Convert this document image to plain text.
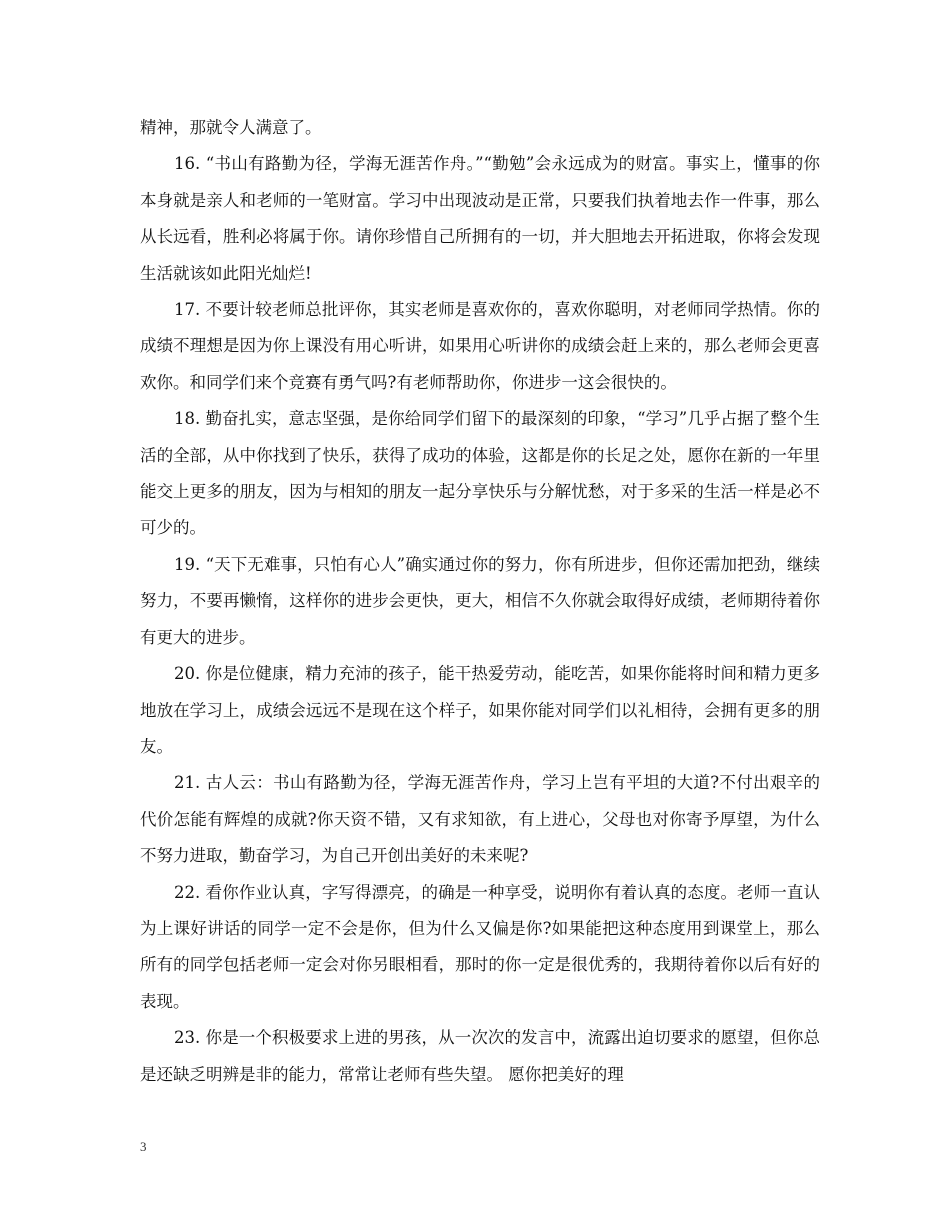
精神，那就令人满意了。

16. “书山有路勤为径，学海无涯苦作舟。”“勤勉”会永远成为的财富。事实上，懂事的你本身就是亲人和老师的一笔财富。学习中出现波动是正常，只要我们执着地去作一件事，那么从长远看，胜利必将属于你。请你珍惜自己所拥有的一切，并大胆地去开拓进取，你将会发现生活就该如此阳光灿烂!

17. 不要计较老师总批评你，其实老师是喜欢你的，喜欢你聪明，对老师同学热情。你的成绩不理想是因为你上课没有用心听讲，如果用心听讲你的成绩会赶上来的，那么老师会更喜欢你。和同学们来个竞赛有勇气吗?有老师帮助你，你进步一这会很快的。

18. 勤奋扎实，意志坚强，是你给同学们留下的最深刻的印象，“学习”几乎占据了整个生活的全部，从中你找到了快乐，获得了成功的体验，这都是你的长足之处，愿你在新的一年里能交上更多的朋友，因为与相知的朋友一起分享快乐与分解忧愁，对于多采的生活一样是必不可少的。

19. “天下无难事，只怕有心人”确实通过你的努力，你有所进步，但你还需加把劲，继续努力，不要再懒惰，这样你的进步会更快，更大，相信不久你就会取得好成绩，老师期待着你有更大的进步。

20. 你是位健康，精力充沛的孩子，能干热爱劳动，能吃苦，如果你能将时间和精力更多地放在学习上，成绩会远远不是现在这个样子，如果你能对同学们以礼相待，会拥有更多的朋友。

21. 古人云：书山有路勤为径，学海无涯苦作舟，学习上岂有平坦的大道?不付出艰辛的代价怎能有辉煌的成就?你天资不错，又有求知欲，有上进心，父母也对你寄予厚望，为什么不努力进取，勤奋学习，为自己开创出美好的未来呢?

22. 看你作业认真，字写得漂亮，的确是一种享受，说明你有着认真的态度。老师一直认为上课好讲话的同学一定不会是你，但为什么又偏是你?如果能把这种态度用到课堂上，那么所有的同学包括老师一定会对你另眼相看，那时的你一定是很优秀的，我期待着你以后有好的表现。

23. 你是一个积极要求上进的男孩，从一次次的发言中，流露出迫切要求的愿望，但你总是还缺乏明辨是非的能力，常常让老师有些失望。 愿你把美好的理

3
